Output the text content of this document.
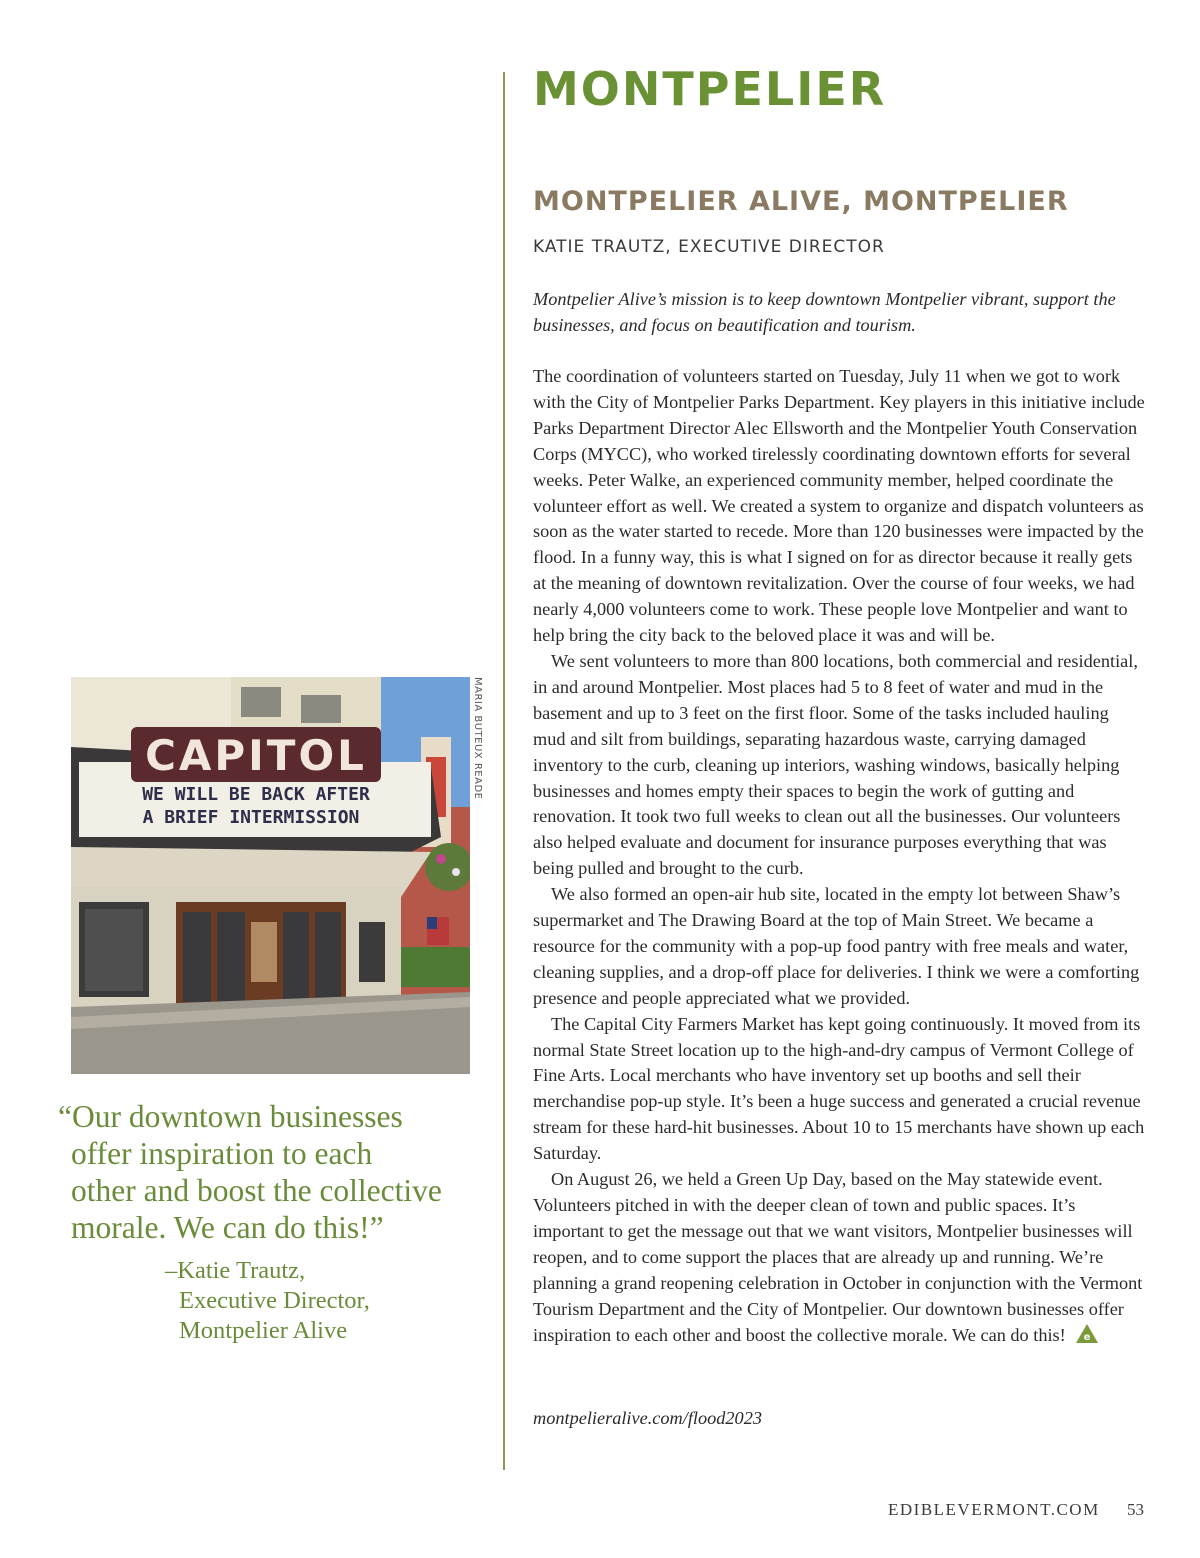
MONTPELIER
MONTPELIER ALIVE, MONTPELIER
KATIE TRAUTZ, EXECUTIVE DIRECTOR

Montpelier Alive’s mission is to keep downtown Montpelier vibrant, support the businesses, and focus on beautification and tourism.

The coordination of volunteers started on Tuesday, July 11 when we got to work with the City of Montpelier Parks Department. Key players in this initiative include Parks Department Director Alec Ellsworth and the Montpelier Youth Conservation Corps (MYCC), who worked tirelessly coordinating downtown efforts for several weeks. Peter Walke, an experienced community member, helped coordinate the volunteer effort as well. We created a system to organize and dispatch volunteers as soon as the water started to recede. More than 120 businesses were impacted by the flood. In a funny way, this is what I signed on for as director because it really gets at the meaning of downtown revitalization. Over the course of four weeks, we had nearly 4,000 volunteers come to work. These people love Montpelier and want to help bring the city back to the beloved place it was and will be.

We sent volunteers to more than 800 locations, both commercial and residential, in and around Montpelier. Most places had 5 to 8 feet of water and mud in the basement and up to 3 feet on the first floor. Some of the tasks included hauling mud and silt from buildings, separating hazardous waste, carrying damaged inventory to the curb, cleaning up interiors, washing windows, basically helping businesses and homes empty their spaces to begin the work of gutting and renovation. It took two full weeks to clean out all the businesses. Our volunteers also helped evaluate and document for insurance purposes everything that was being pulled and brought to the curb.

We also formed an open-air hub site, located in the empty lot between Shaw’s supermarket and The Drawing Board at the top of Main Street. We became a resource for the community with a pop-up food pantry with free meals and water, cleaning supplies, and a drop-off place for deliveries. I think we were a comforting presence and people appreciated what we provided.

The Capital City Farmers Market has kept going continuously. It moved from its normal State Street location up to the high-and-dry campus of Vermont College of Fine Arts. Local merchants who have inventory set up booths and sell their merchandise pop-up style. It’s been a huge success and generated a crucial revenue stream for these hard-hit businesses. About 10 to 15 merchants have shown up each Saturday.

On August 26, we held a Green Up Day, based on the May statewide event. Volunteers pitched in with the deeper clean of town and public spaces. It’s important to get the message out that we want visitors, Montpelier businesses will reopen, and to come support the places that are already up and running. We’re planning a grand reopening celebration in October in conjunction with the Vermont Tourism Department and the City of Montpelier. Our downtown businesses offer inspiration to each other and boost the collective morale. We can do this! e

montpelieralive.com/flood2023
CAPITOL
WE WILL BE BACK AFTER
A BRIEF INTERMISSION
MARIA BUTEUX READE
“Our downtown businesses
offer inspiration to each
other and boost the collective
morale. We can do this!”
–Katie Trautz,
Executive Director,
Montpelier Alive
EDIBLEVERMONT.COM 53
